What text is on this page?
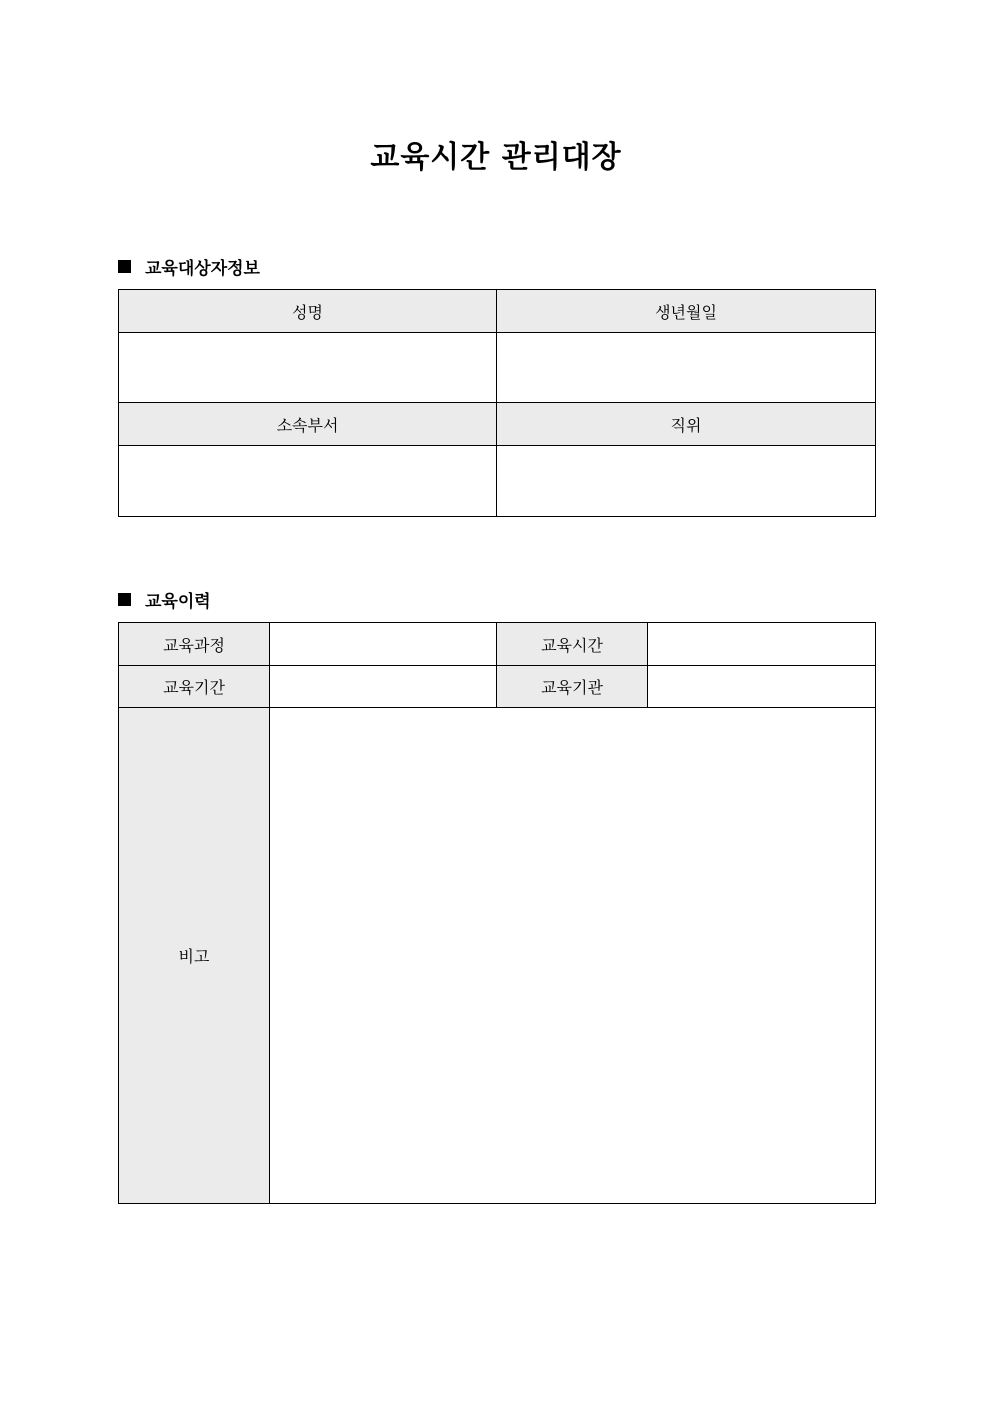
교육시간 관리대장
교육대상자정보
성명	생년월일

소속부서	직위

교육이력
교육과정		교육시간	
교육기간		교육기관	
비고			
